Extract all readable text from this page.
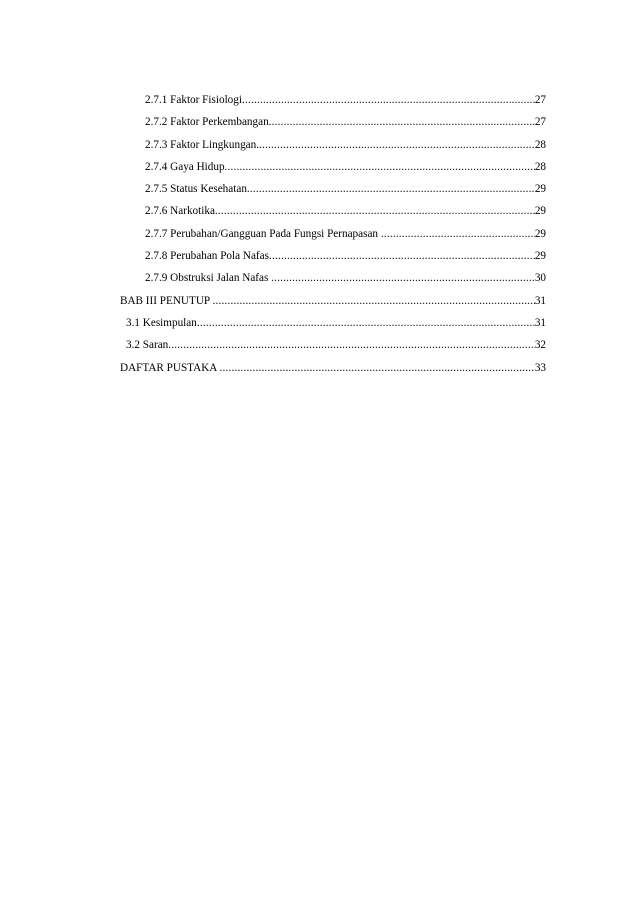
2.7.1 Faktor Fisiologi .....	27
2.7.2 Faktor Perkembangan .....	27
2.7.3 Faktor Lingkungan. .....	28
2.7.4 Gaya Hidup .....	28
2.7.5 Status Kesehatan .....	29
2.7.6 Narkotika .....	29
2.7.7 Perubahan/Gangguan Pada Fungsi Pernapasan .....	29
2.7.8 Perubahan Pola Nafas .....	29
2.7.9 Obstruksi Jalan Nafas .....	30
BAB III PENUTUP .....	31
3.1 Kesimpulan .....	31
3.2 Saran .....	32
DAFTAR PUSTAKA .....	33
